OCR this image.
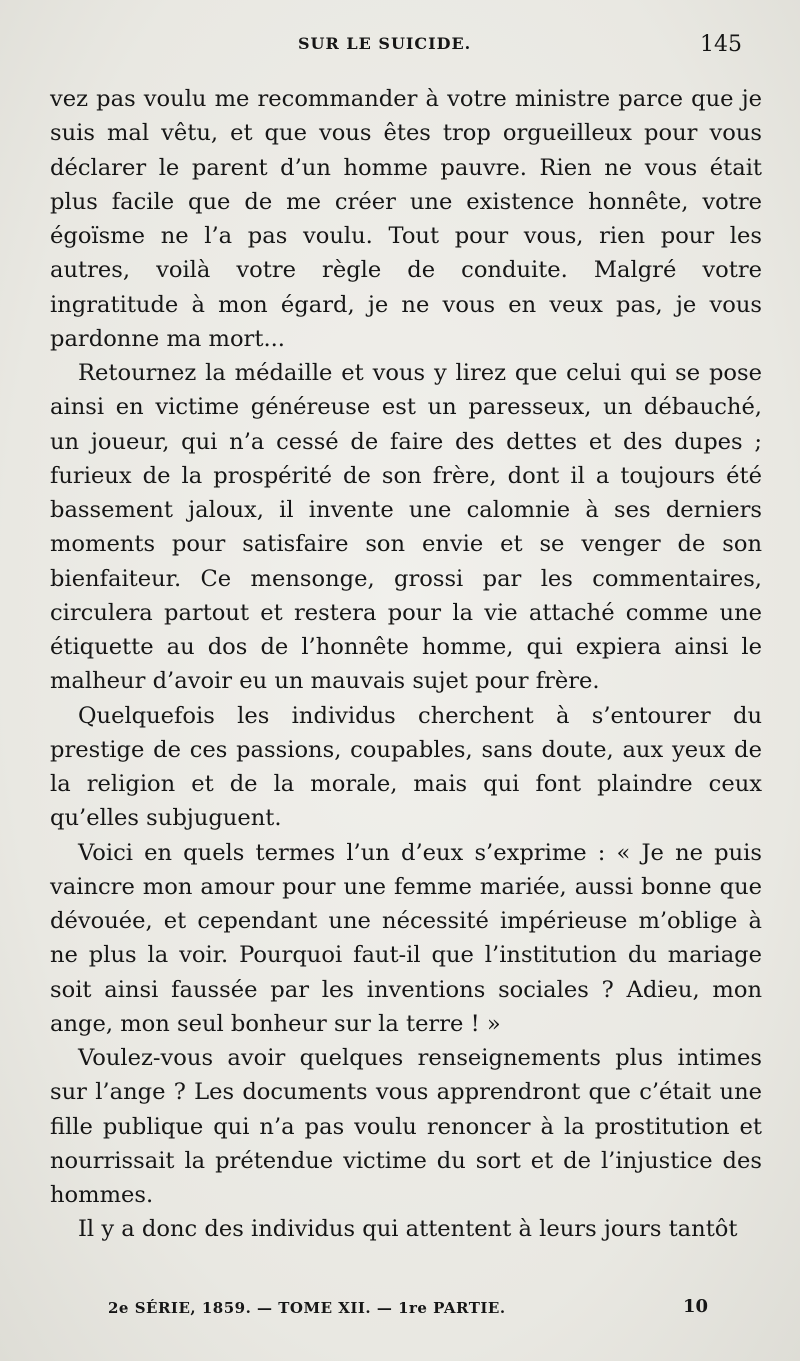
SUR LE SUICIDE.	145

vez pas voulu me recommander à votre ministre parce que je suis mal vêtu, et que vous êtes trop orgueilleux pour vous déclarer le parent d’un homme pauvre. Rien ne vous était plus facile que de me créer une existence honnête, votre égoïsme ne l’a pas voulu. Tout pour vous, rien pour les autres, voilà votre règle de conduite. Malgré votre ingratitude à mon égard, je ne vous en veux pas, je vous pardonne ma mort...

Retournez la médaille et vous y lirez que celui qui se pose ainsi en victime généreuse est un paresseux, un débauché, un joueur, qui n’a cessé de faire des dettes et des dupes ; furieux de la prospérité de son frère, dont il a toujours été bassement jaloux, il invente une calomnie à ses derniers moments pour satisfaire son envie et se venger de son bienfaiteur. Ce mensonge, grossi par les commentaires, circulera partout et restera pour la vie attaché comme une étiquette au dos de l’honnête homme, qui expiera ainsi le malheur d’avoir eu un mauvais sujet pour frère.

Quelquefois les individus cherchent à s’entourer du prestige de ces passions, coupables, sans doute, aux yeux de la religion et de la morale, mais qui font plaindre ceux qu’elles subjuguent.

Voici en quels termes l’un d’eux s’exprime : « Je ne puis vaincre mon amour pour une femme mariée, aussi bonne que dévouée, et cependant une nécessité impérieuse m’oblige à ne plus la voir. Pourquoi faut-il que l’institution du mariage soit ainsi faussée par les inventions sociales ? Adieu, mon ange, mon seul bonheur sur la terre ! »

Voulez-vous avoir quelques renseignements plus intimes sur l’ange ? Les documents vous apprendront que c’était une fille publique qui n’a pas voulu renoncer à la prostitution et nourrissait la prétendue victime du sort et de l’injustice des hommes.

Il y a donc des individus qui attentent à leurs jours tantôt

2e SÉRIE, 1859. — TOME XII. — 1re PARTIE.	10
